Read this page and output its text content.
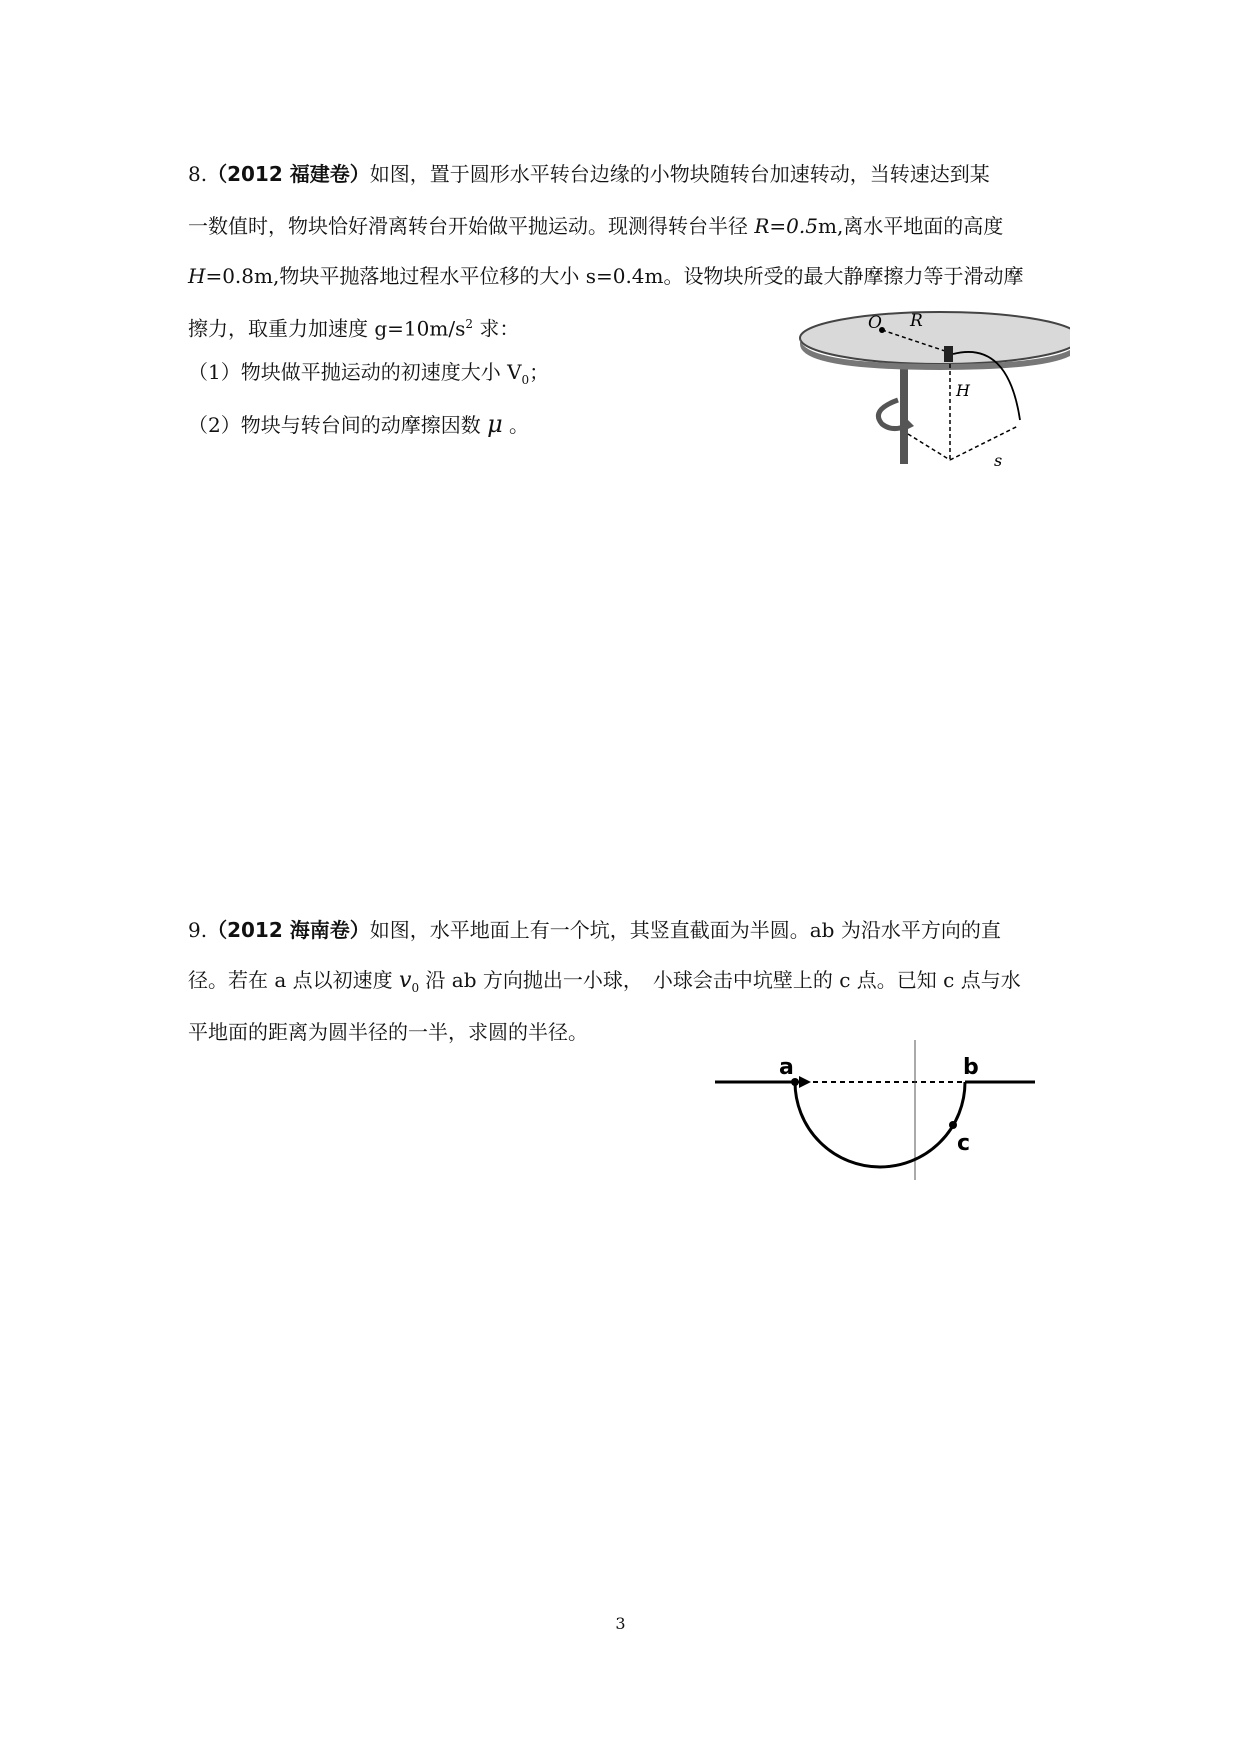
8.（2012 福建卷）如图，置于圆形水平转台边缘的小物块随转台加速转动，当转速达到某
一数值时，物块恰好滑离转台开始做平抛运动。现测得转台半径 R=0.5m,离水平地面的高度
H=0.8m,物块平抛落地过程水平位移的大小 s=0.4m。设物块所受的最大静摩擦力等于滑动摩
擦力，取重力加速度 $g=10m/s^2$ 求：
（1）物块做平抛运动的初速度大小 $V_0$；
（2）物块与转台间的动摩擦因数 μ 。
O R
H
s
9.（2012 海南卷）如图，水平地面上有一个坑，其竖直截面为半圆。ab 为沿水平方向的直
径。若在 a 点以初速度 $v_0$ 沿 ab 方向抛出一小球，　小球会击中坑壁上的 c 点。已知 c 点与水
平地面的距离为圆半径的一半，求圆的半径。
a	b
c
3
